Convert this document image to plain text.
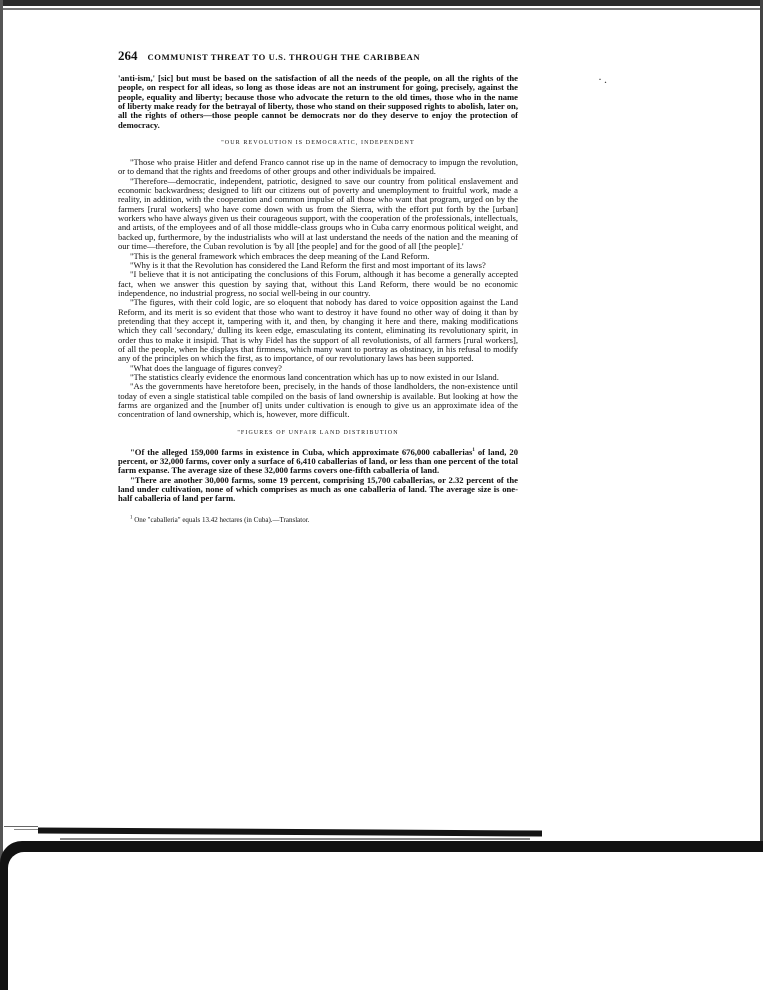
·.
264 COMMUNIST THREAT TO U.S. THROUGH THE CARIBBEAN

'anti-ism,' [sic] but must be based on the satisfaction of all the needs of the people, on all the rights of the people, on respect for all ideas, so long as those ideas are not an instrument for going, precisely, against the people, equality and liberty; because those who advocate the return to the old times, those who in the name of liberty make ready for the betrayal of liberty, those who stand on their supposed rights to abolish, later on, all the rights of others—those people cannot be democrats nor do they deserve to enjoy the protection of democracy.

"OUR REVOLUTION IS DEMOCRATIC, INDEPENDENT

"Those who praise Hitler and defend Franco cannot rise up in the name of democracy to impugn the revolution, or to demand that the rights and freedoms of other groups and other individuals be impaired.

"Therefore—democratic, independent, patriotic, designed to save our country from political enslavement and economic backwardness; designed to lift our citizens out of poverty and unemployment to fruitful work, made a reality, in addition, with the cooperation and common impulse of all those who want that program, urged on by the farmers [rural workers] who have come down with us from the Sierra, with the effort put forth by the [urban] workers who have always given us their courageous support, with the cooperation of the professionals, intellectuals, and artists, of the employees and of all those middle-class groups who in Cuba carry enormous political weight, and backed up, furthermore, by the industrialists who will at last understand the needs of the nation and the meaning of our time—therefore, the Cuban revolution is 'by all [the people] and for the good of all [the people].'

"This is the general framework which embraces the deep meaning of the Land Reform.

"Why is it that the Revolution has considered the Land Reform the first and most important of its laws?

"I believe that it is not anticipating the conclusions of this Forum, although it has become a generally accepted fact, when we answer this question by saying that, without this Land Reform, there would be no economic independence, no industrial progress, no social well-being in our country.

"The figures, with their cold logic, are so eloquent that nobody has dared to voice opposition against the Land Reform, and its merit is so evident that those who want to destroy it have found no other way of doing it than by pretending that they accept it, tampering with it, and then, by changing it here and there, making modifications which they call 'secondary,' dulling its keen edge, emasculating its content, eliminating its revolutionary spirit, in order thus to make it insipid. That is why Fidel has the support of all revolutionists, of all farmers [rural workers], of all the people, when he displays that firmness, which many want to portray as obstinacy, in his refusal to modify any of the principles on which the first, as to importance, of our revolutionary laws has been supported.

"What does the language of figures convey?

"The statistics clearly evidence the enormous land concentration which has up to now existed in our Island.

"As the governments have heretofore been, precisely, in the hands of those landholders, the non-existence until today of even a single statistical table compiled on the basis of land ownership is available. But looking at how the farms are organized and the [number of] units under cultivation is enough to give us an approximate idea of the concentration of land ownership, which is, however, more difficult.

"FIGURES OF UNFAIR LAND DISTRIBUTION

"Of the alleged 159,000 farms in existence in Cuba, which approximate 676,000 caballerias$^1$ of land, 20 percent, or 32,000 farms, cover only a surface of 6,410 caballerias of land, or less than one percent of the total farm expanse. The average size of these 32,000 farms covers one-fifth caballeria of land.

"There are another 30,000 farms, some 19 percent, comprising 15,700 caballerias, or 2.32 percent of the land under cultivation, none of which comprises as much as one caballeria of land. The average size is one-half caballeria of land per farm.

$^1$ One "caballeria" equals 13.42 hectares (in Cuba).—Translator.
